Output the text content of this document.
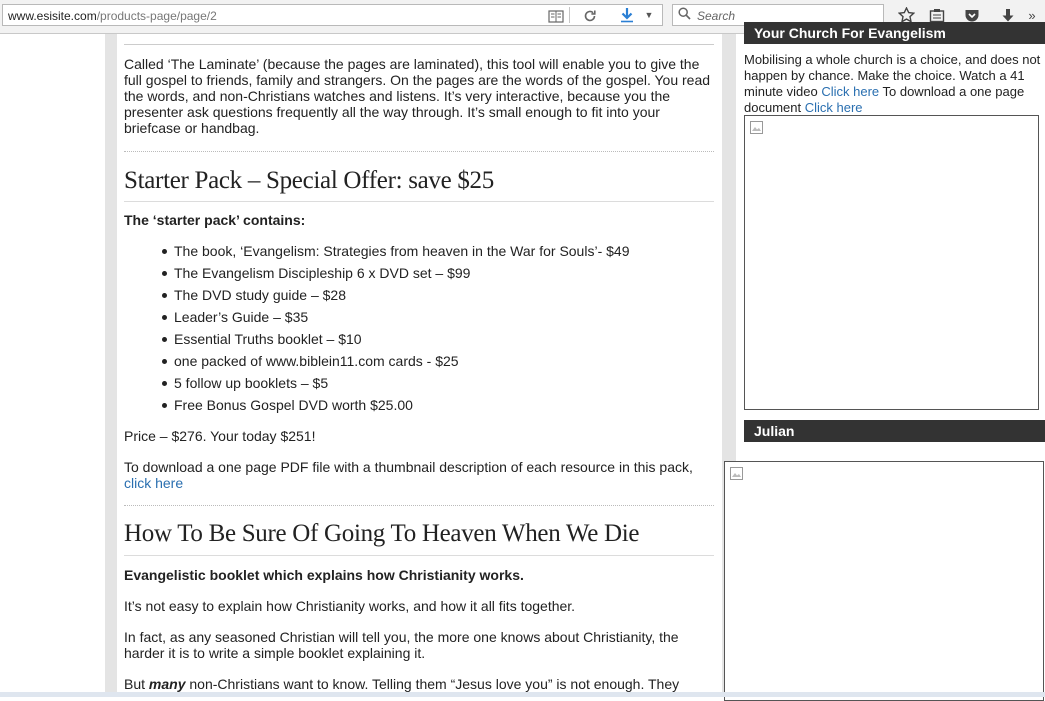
www.esisite.com/products-page/page/2	▼	Search	»

Called ‘The Laminate’ (because the pages are laminated), this tool will enable you to give the full gospel to friends, family and strangers. On the pages are the words of the gospel. You read the words, and non-Christians watches and listens. It’s very interactive, because you the presenter ask questions frequently all the way through. It’s small enough to fit into your briefcase or handbag.

Starter Pack – Special Offer: save $25

The ‘starter pack’ contains:

The book, ‘Evangelism: Strategies from heaven in the War for Souls’- $49
The Evangelism Discipleship 6 x DVD set – $99
The DVD study guide – $28
Leader’s Guide – $35
Essential Truths booklet – $10
one packed of www.biblein11.com cards - $25
5 follow up booklets – $5
Free Bonus Gospel DVD worth $25.00

Price – $276. Your today $251!

To download a one page PDF file with a thumbnail description of each resource in this pack,
click here

How To Be Sure Of Going To Heaven When We Die

Evangelistic booklet which explains how Christianity works.

It’s not easy to explain how Christianity works, and how it all fits together.

In fact, as any seasoned Christian will tell you, the more one knows about Christianity, the harder it is to write a simple booklet explaining it.

But many non-Christians want to know. Telling them “Jesus love you” is not enough. They

Your Church For Evangelism
Mobilising a whole church is a choice, and does not happen by chance. Make the choice. Watch a 41 minute video Click here To download a one page document Click here
Julian
